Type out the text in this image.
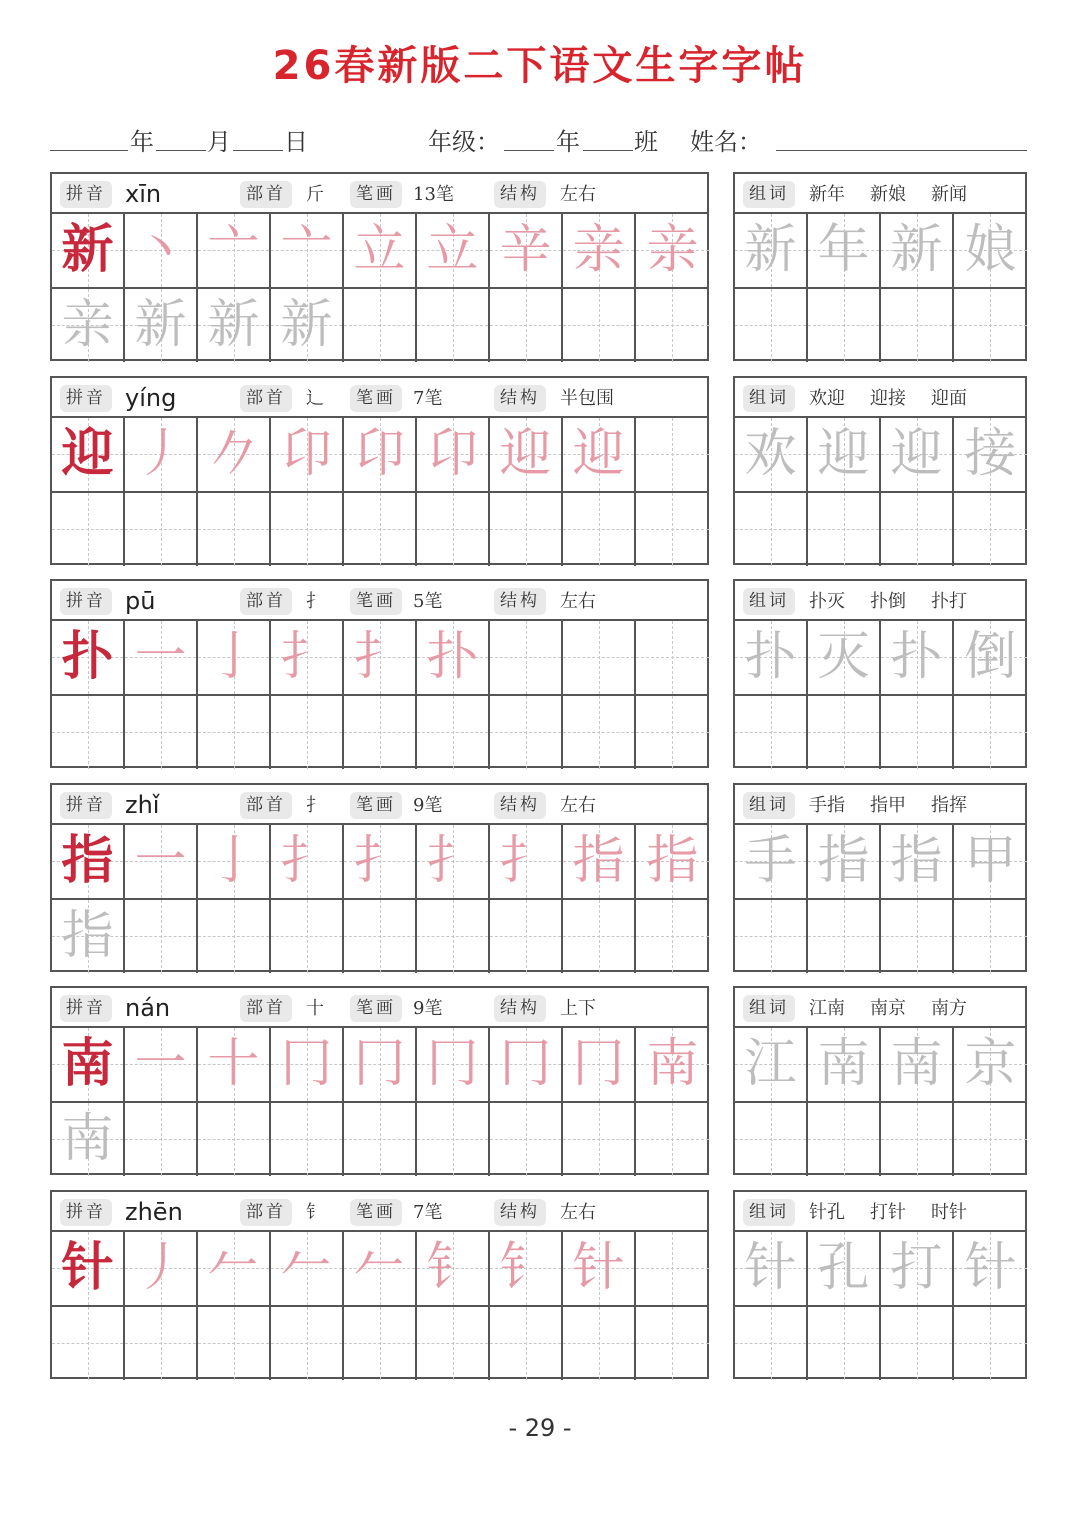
26春新版二下语文生字字帖
年 月 日	年级： 年 班 姓名：
拼音 xīn	部首	斤	笔画 13笔	结构	左右
新 丶 亠 亠 立 立 辛 亲 亲
亲 新 新 新
组词	新年 新娘 新闻
新 年 新 娘
拼音 yíng	部首	辶	笔画 7笔	结构	半包围
迎 丿 𠂊 卬 卬 卬 迎 迎
组词	欢迎 迎接 迎面
欢 迎 迎 接
拼音 pū	部首	扌	笔画 5笔	结构	左右
扑 一 亅 扌 扌 扑
组词	扑灭 扑倒 扑打
扑 灭 扑 倒
拼音 zhǐ	部首	扌	笔画 9笔	结构	左右
指 一 亅 扌 扌 扌 扌 指 指
指
组词	手指 指甲 指挥
手 指 指 甲
拼音 nán	部首	十	笔画 9笔	结构	上下
南 一 十 冂 冂 冂 冂 冂 南
南
组词	江南 南京 南方
江 南 南 京
拼音 zhēn	部首	钅	笔画 7笔	结构	左右
针 丿 𠂉 𠂉 𠂉 钅 钅 针
组词	针孔 打针 时针
针 孔 打 针
- 29 -
